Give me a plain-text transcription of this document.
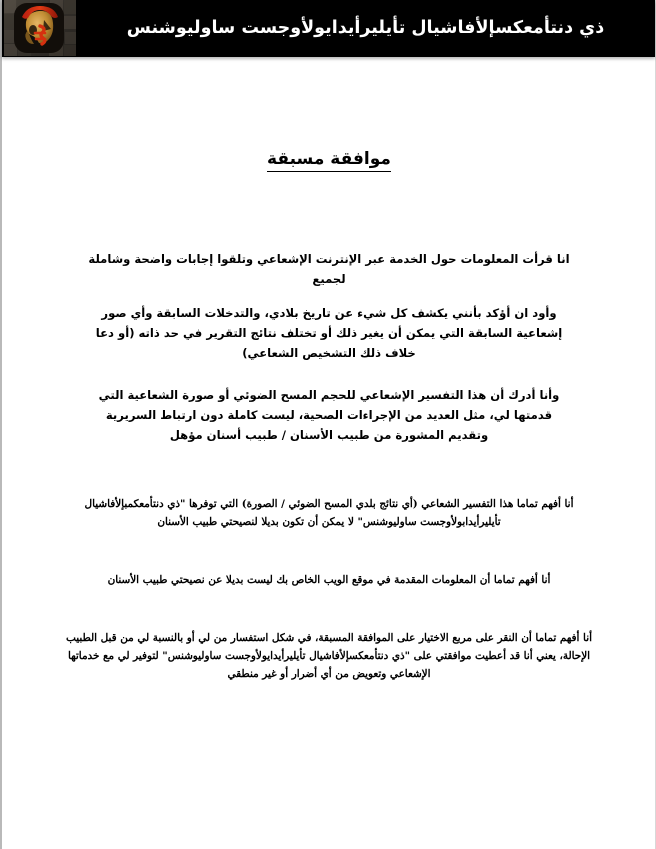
ذي دنتأمعكسإلأفاشيال تأيليرأيدايولأوجست ساوليوشنس
موافقة مسبقة

انا قرأت المعلومات حول الخدمة عبر الإنترنت الإشعاعي وتلقوا إجابات واضحة وشاملة لجميع

وأود ان أؤكد بأنني يكشف كل شيء عن تاريخ بلادي، والتدخلات السابقة وأي صور إشعاعية السابقة التي يمكن أن يغير ذلك أو تختلف نتائج التقرير في حد ذاته (أو دعا خلاف ذلك التشخيص الشعاعي)

وأنا أدرك أن هذا التفسير الإشعاعي للحجم المسح الضوئي أو صورة الشعاعية التي قدمتها لي، مثل العديد من الإجراءات الصحية، ليست كاملة دون ارتباط السريرية وتقديم المشورة من طبيب الأسنان / طبيب أسنان مؤهل

أنا أفهم تماما هذا التفسير الشعاعي (أي نتائج بلدي المسح الضوئي / الصورة) التي توفرها "ذي دنتأمعكمبإلأفاشيال تأيليرأيدابولأوجست ساوليوشنس" لا يمكن أن تكون بديلا لنصيحتي طبيب الأسنان

أنا أفهم تماما أن المعلومات المقدمة في موقع الويب الخاص بك ليست بديلا عن نصيحتي طبيب الأسنان

أنا أفهم تماما أن النقر على مربع الاختيار على الموافقة المسبقة، في شكل استفسار من لي أو بالنسبة لي من قبل الطبيب الإحالة، يعني أنا قد أعطيت موافقتي على "ذي دنتأمعكسإلأفاشيال تأيليرأيدايولأوجست ساوليوشنس" لتوفير لي مع خدماتها الإشعاعي وتعويض من أي أضرار أو غير منطقي
